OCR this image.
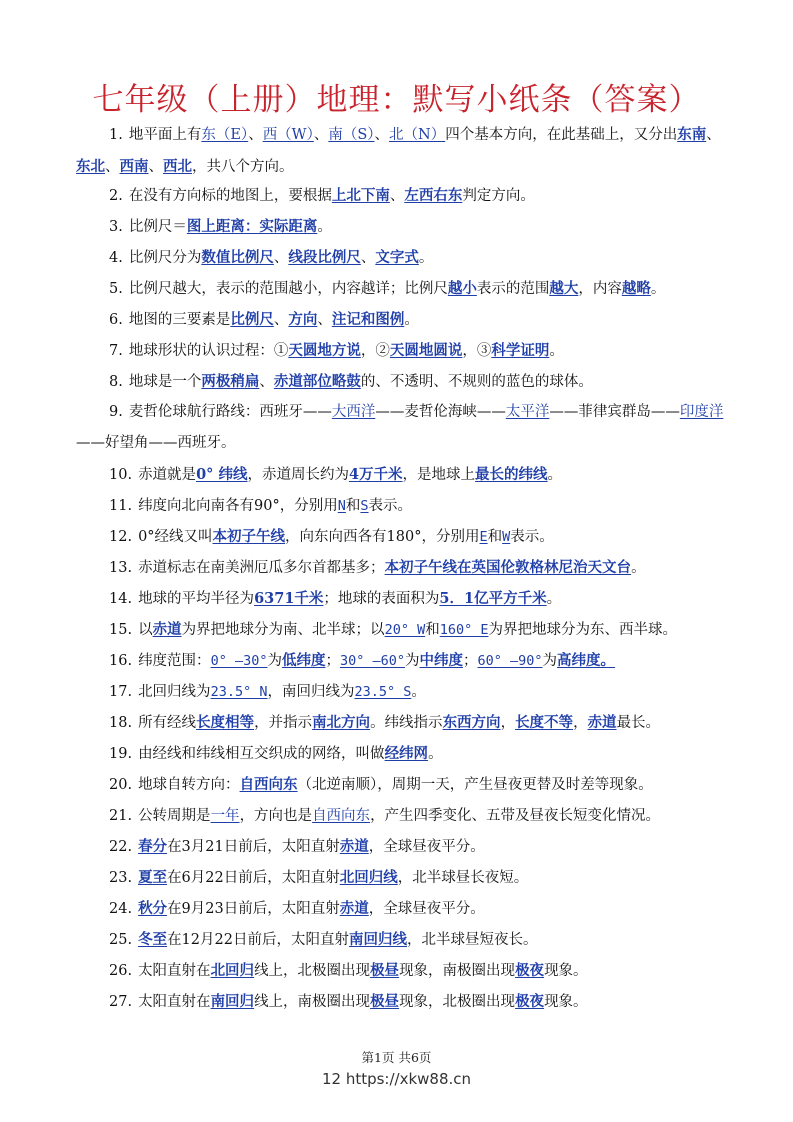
七年级（上册）地理：默写小纸条（答案）
1. 地平面上有东（E）、西（W）、南（S）、北（N）四个基本方向，在此基础上，又分出东南、东北、西南、西北，共八个方向。
2. 在没有方向标的地图上，要根据上北下南、左西右东判定方向。
3. 比例尺＝图上距离：实际距离。
4. 比例尺分为数值比例尺、线段比例尺、文字式。
5. 比例尺越大，表示的范围越小，内容越详；比例尺越小表示的范围越大，内容越略。
6. 地图的三要素是比例尺、方向、注记和图例。
7. 地球形状的认识过程：①天圆地方说，②天圆地圆说，③科学证明。
8. 地球是一个两极稍扁、赤道部位略鼓的、不透明、不规则的蓝色的球体。
9. 麦哲伦球航行路线：西班牙——大西洋——麦哲伦海峡——太平洋——菲律宾群岛——印度洋——好望角——西班牙。
10. 赤道就是0° 纬线，赤道周长约为4万千米，是地球上最长的纬线。
11. 纬度向北向南各有90°，分别用N和S表示。
12. 0°经线又叫本初子午线，向东向西各有180°，分别用E和W表示。
13. 赤道标志在南美洲厄瓜多尔首都基多；本初子午线在英国伦敦格林尼治天文台。
14. 地球的平均半径为6371千米；地球的表面积为5．1亿平方千米。
15. 以赤道为界把地球分为南、北半球；以20° W和160° E为界把地球分为东、西半球。
16. 纬度范围：0° —30°为低纬度；30° —60°为中纬度；60° —90°为高纬度。
17. 北回归线为23.5° N，南回归线为23.5° S。
18. 所有经线长度相等，并指示南北方向。纬线指示东西方向，长度不等，赤道最长。
19. 由经线和纬线相互交织成的网络，叫做经纬网。
20. 地球自转方向：自西向东（北逆南顺），周期一天，产生昼夜更替及时差等现象。
21. 公转周期是一年，方向也是自西向东，产生四季变化、五带及昼夜长短变化情况。
22. 春分在3月21日前后，太阳直射赤道，全球昼夜平分。
23. 夏至在6月22日前后，太阳直射北回归线，北半球昼长夜短。
24. 秋分在9月23日前后，太阳直射赤道，全球昼夜平分。
25. 冬至在12月22日前后，太阳直射南回归线，北半球昼短夜长。
26. 太阳直射在北回归线上，北极圈出现极昼现象，南极圈出现极夜现象。
27. 太阳直射在南回归线上，南极圈出现极昼现象，北极圈出现极夜现象。
第1页 共6页
12 https://xkw88.cn
